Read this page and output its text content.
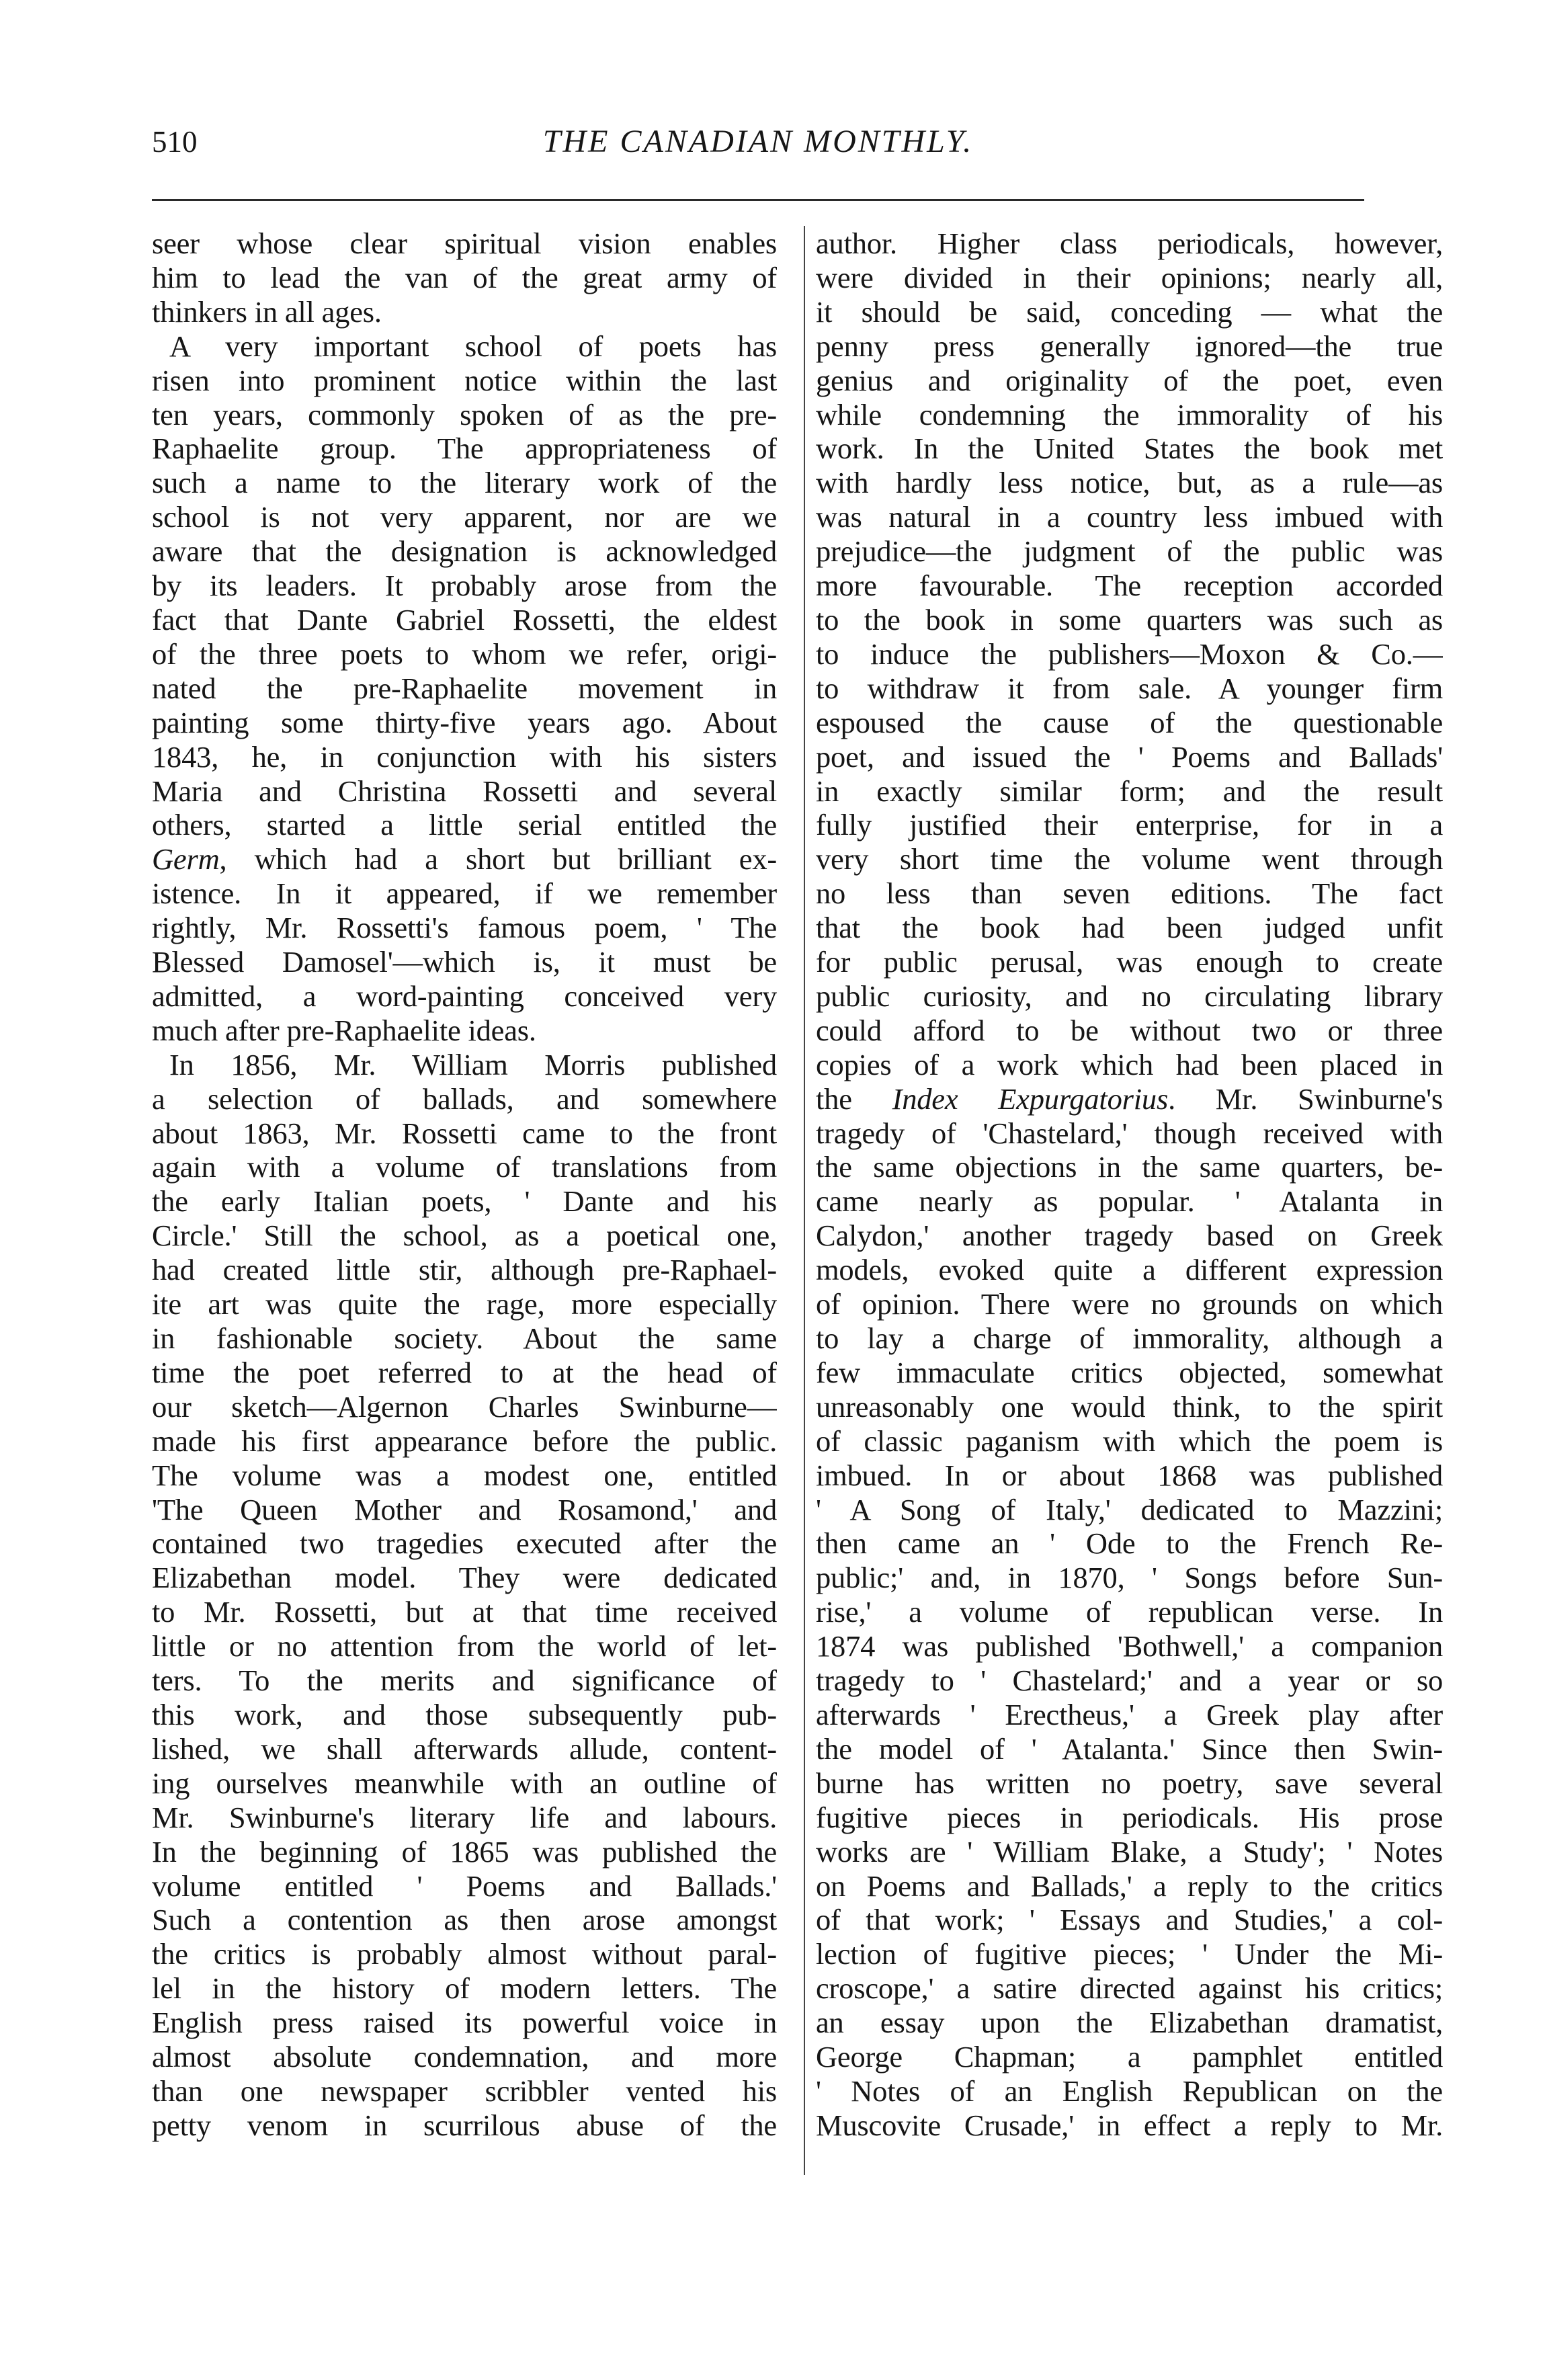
510	THE CANADIAN MONTHLY.

seer whose clear spiritual vision enables

him to lead the van of the great army of

thinkers in all ages.

A very important school of poets has

risen into prominent notice within the last

ten years, commonly spoken of as the pre-

Raphaelite group. The appropriateness of

such a name to the literary work of the

school is not very apparent, nor are we

aware that the designation is acknowledged

by its leaders. It probably arose from the

fact that Dante Gabriel Rossetti, the eldest

of the three poets to whom we refer, origi-

nated the pre-Raphaelite movement in

painting some thirty-five years ago. About

1843, he, in conjunction with his sisters

Maria and Christina Rossetti and several

others, started a little serial entitled the

Germ, which had a short but brilliant ex-

istence. In it appeared, if we remember

rightly, Mr. Rossetti's famous poem, ' The

Blessed Damosel'—which is, it must be

admitted, a word-painting conceived very

much after pre-Raphaelite ideas.

In 1856, Mr. William Morris published

a selection of ballads, and somewhere

about 1863, Mr. Rossetti came to the front

again with a volume of translations from

the early Italian poets, ' Dante and his

Circle.' Still the school, as a poetical one,

had created little stir, although pre-Raphael-

ite art was quite the rage, more especially

in fashionable society. About the same

time the poet referred to at the head of

our sketch—Algernon Charles Swinburne—

made his first appearance before the public.

The volume was a modest one, entitled

'The Queen Mother and Rosamond,' and

contained two tragedies executed after the

Elizabethan model. They were dedicated

to Mr. Rossetti, but at that time received

little or no attention from the world of let-

ters. To the merits and significance of

this work, and those subsequently pub-

lished, we shall afterwards allude, content-

ing ourselves meanwhile with an outline of

Mr. Swinburne's literary life and labours.

In the beginning of 1865 was published the

volume entitled ' Poems and Ballads.'

Such a contention as then arose amongst

the critics is probably almost without paral-

lel in the history of modern letters. The

English press raised its powerful voice in

almost absolute condemnation, and more

than one newspaper scribbler vented his

petty venom in scurrilous abuse of the

author. Higher class periodicals, however,

were divided in their opinions; nearly all,

it should be said, conceding — what the

penny press generally ignored—the true

genius and originality of the poet, even

while condemning the immorality of his

work. In the United States the book met

with hardly less notice, but, as a rule—as

was natural in a country less imbued with

prejudice—the judgment of the public was

more favourable. The reception accorded

to the book in some quarters was such as

to induce the publishers—Moxon & Co.—

to withdraw it from sale. A younger firm

espoused the cause of the questionable

poet, and issued the ' Poems and Ballads'

in exactly similar form; and the result

fully justified their enterprise, for in a

very short time the volume went through

no less than seven editions. The fact

that the book had been judged unfit

for public perusal, was enough to create

public curiosity, and no circulating library

could afford to be without two or three

copies of a work which had been placed in

the Index Expurgatorius. Mr. Swinburne's

tragedy of 'Chastelard,' though received with

the same objections in the same quarters, be-

came nearly as popular. ' Atalanta in

Calydon,' another tragedy based on Greek

models, evoked quite a different expression

of opinion. There were no grounds on which

to lay a charge of immorality, although a

few immaculate critics objected, somewhat

unreasonably one would think, to the spirit

of classic paganism with which the poem is

imbued. In or about 1868 was published

' A Song of Italy,' dedicated to Mazzini;

then came an ' Ode to the French Re-

public;' and, in 1870, ' Songs before Sun-

rise,' a volume of republican verse. In

1874 was published 'Bothwell,' a companion

tragedy to ' Chastelard;' and a year or so

afterwards ' Erectheus,' a Greek play after

the model of ' Atalanta.' Since then Swin-

burne has written no poetry, save several

fugitive pieces in periodicals. His prose

works are ' William Blake, a Study'; ' Notes

on Poems and Ballads,' a reply to the critics

of that work; ' Essays and Studies,' a col-

lection of fugitive pieces; ' Under the Mi-

croscope,' a satire directed against his critics;

an essay upon the Elizabethan dramatist,

George Chapman; a pamphlet entitled

' Notes of an English Republican on the

Muscovite Crusade,' in effect a reply to Mr.
